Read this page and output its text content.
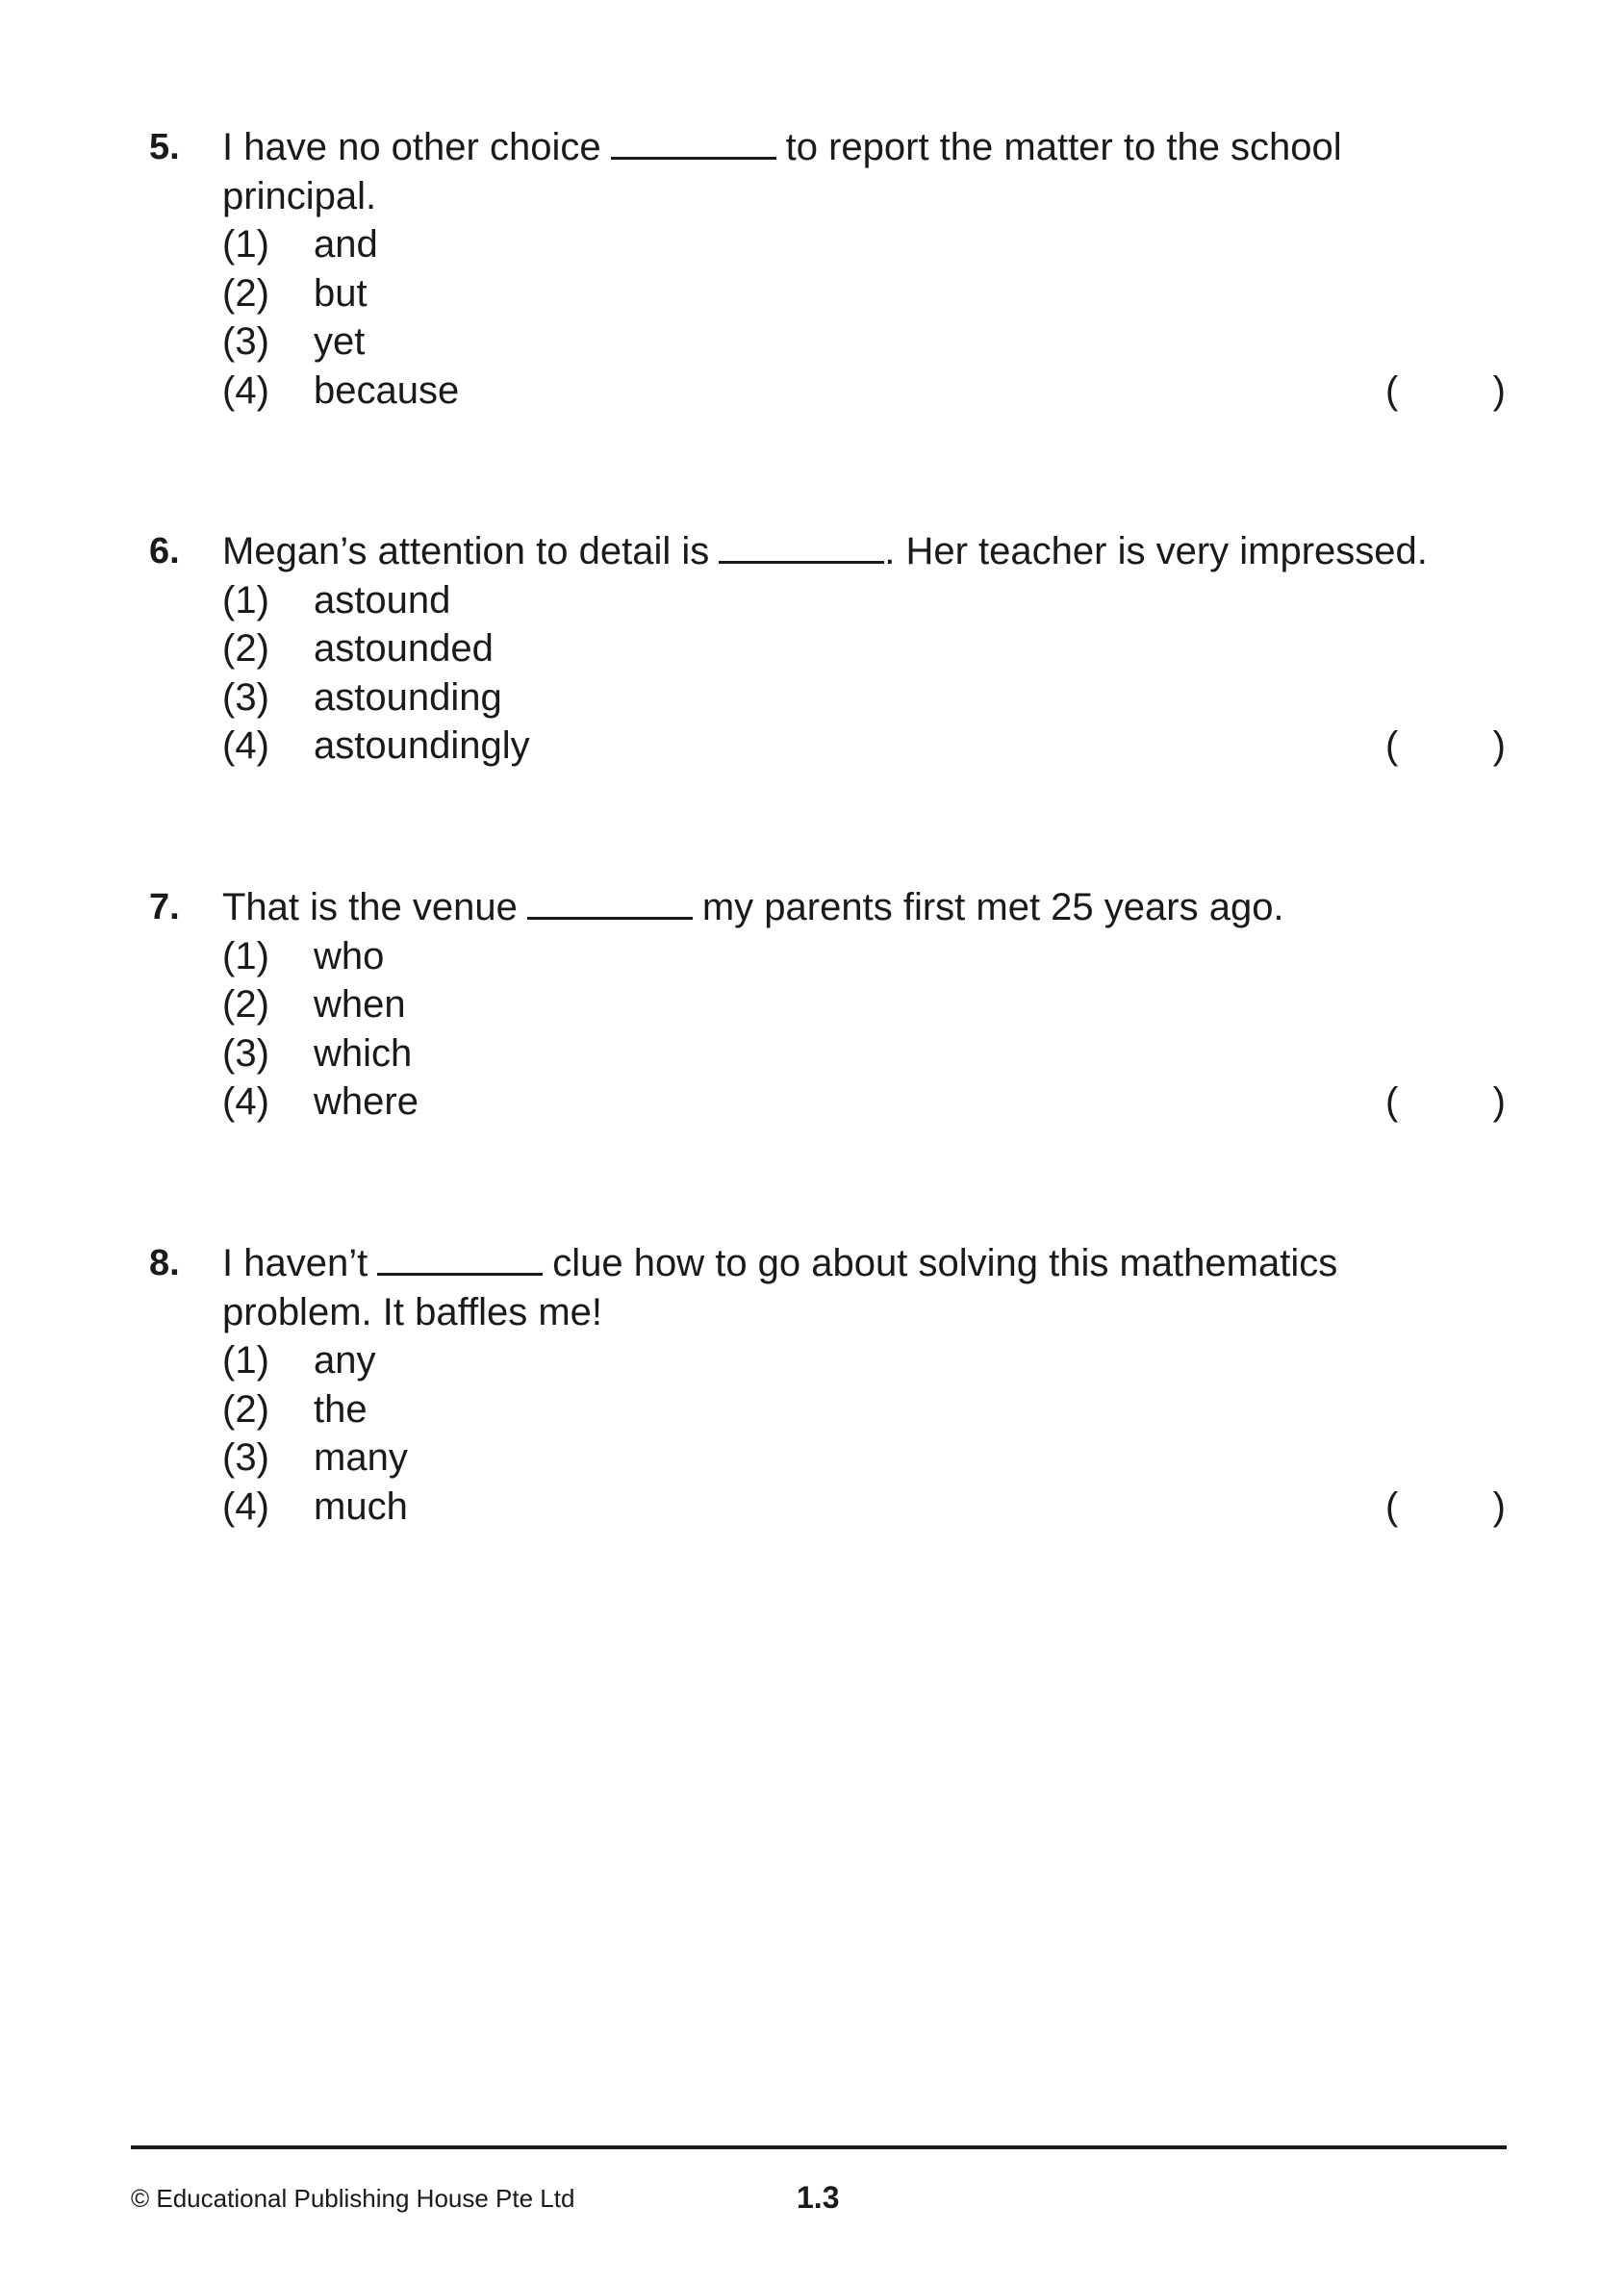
5. I have no other choice	to report the matter to the school
principal.
(1) and
(2) but
(3) yet
(4) because	( )
6. Megan’s attention to detail is	. Her teacher is very impressed.
(1) astound
(2) astounded
(3) astounding
(4) astoundingly	( )
7. That is the venue	my parents first met 25 years ago.
(1) who
(2) when
(3) which
(4) where	( )
8. I haven’t	clue how to go about solving this mathematics
problem. It baffles me!
(1) any
(2) the
(3) many
(4) much	( )
© Educational Publishing House Pte Ltd	1.3
